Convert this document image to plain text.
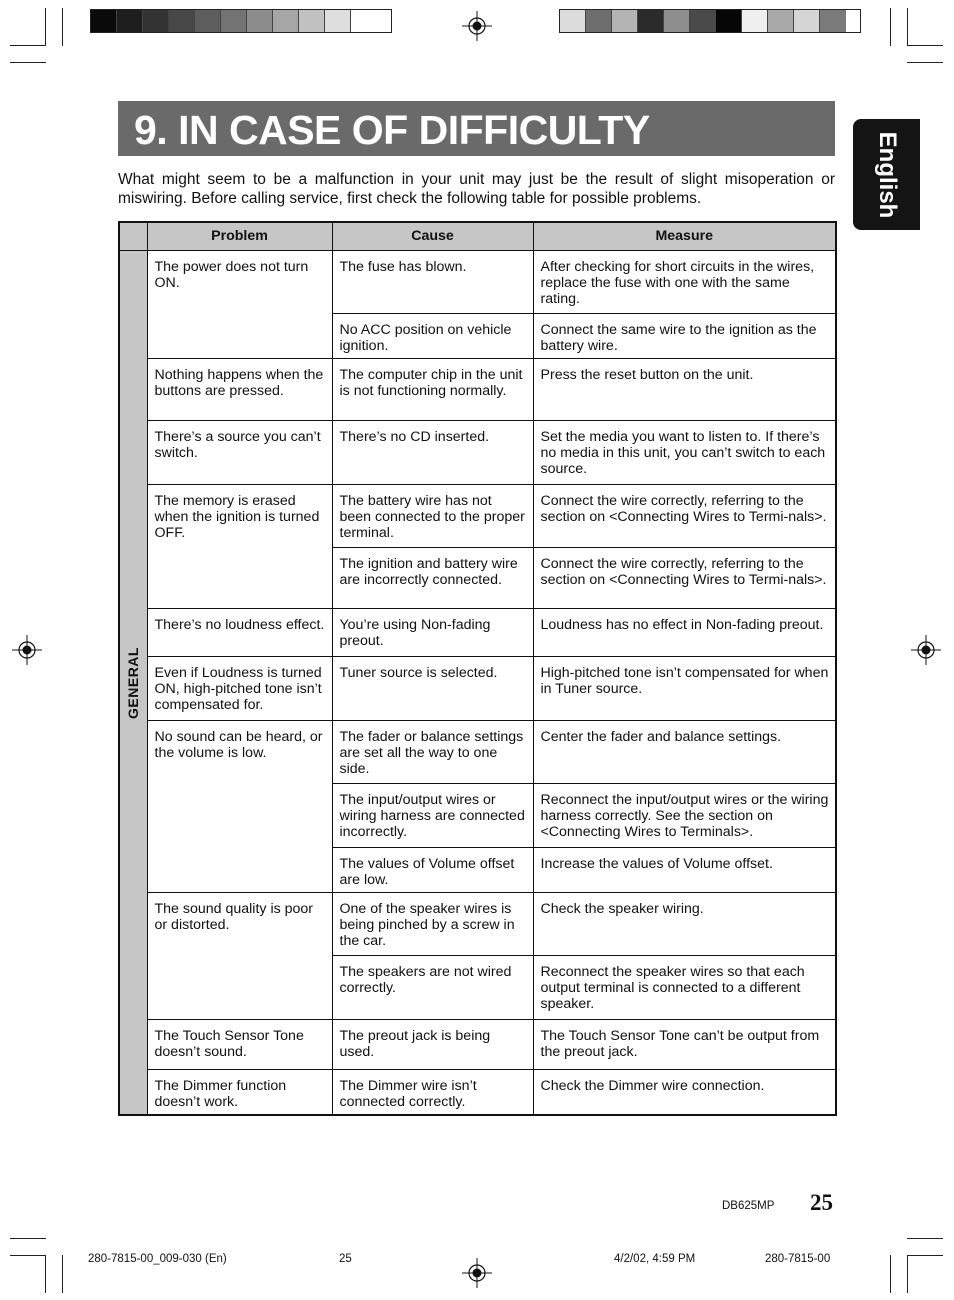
9. IN CASE OF DIFFICULTY
English
What might seem to be a malfunction in your unit may just be the result of slight misoperation or miswiring. Before calling service, first check the following table for possible problems.
	Problem	Cause	Measure

GENERAL	The power does not turn ON.	The fuse has blown.	After checking for short circuits in the wires, replace the fuse with one with the same rating.
		No ACC position on vehicle ignition.	Connect the same wire to the ignition as the battery wire.
	Nothing happens when the buttons are pressed.	The computer chip in the unit is not functioning normally.	Press the reset button on the unit.
	There’s a source you can’t switch.	There’s no CD inserted.	Set the media you want to listen to. If there’s no media in this unit, you can’t switch to each source.
	The memory is erased when the ignition is turned OFF.	The battery wire has not been connected to the proper terminal.	Connect the wire correctly, referring to the section on <Connecting Wires to Termi-nals>.
		The ignition and battery wire are incorrectly connected.	Connect the wire correctly, referring to the section on <Connecting Wires to Termi-nals>.
	There’s no loudness effect.	You’re using Non-fading preout.	Loudness has no effect in Non-fading preout.
	Even if Loudness is turned ON, high-pitched tone isn’t compensated for.	Tuner source is selected.	High-pitched tone isn’t compensated for when in Tuner source.
	No sound can be heard, or the volume is low.	The fader or balance settings are set all the way to one side.	Center the fader and balance settings.
		The input/output wires or wiring harness are connected incorrectly.	Reconnect the input/output wires or the wiring harness correctly. See the section on <Connecting Wires to Terminals>.
		The values of Volume offset are low.	Increase the values of Volume offset.
	The sound quality is poor or distorted.	One of the speaker wires is being pinched by a screw in the car.	Check the speaker wiring.
		The speakers are not wired correctly.	Reconnect the speaker wires so that each output terminal is connected to a different speaker.
	The Touch Sensor Tone doesn’t sound.	The preout jack is being used.	The Touch Sensor Tone can’t be output from the preout jack.
	The Dimmer function doesn’t work.	The Dimmer wire isn’t connected correctly.	Check the Dimmer wire connection.
DB625MP 25
280-7815-00_009-030 (En)	25	4/2/02, 4:59 PM	280-7815-00
